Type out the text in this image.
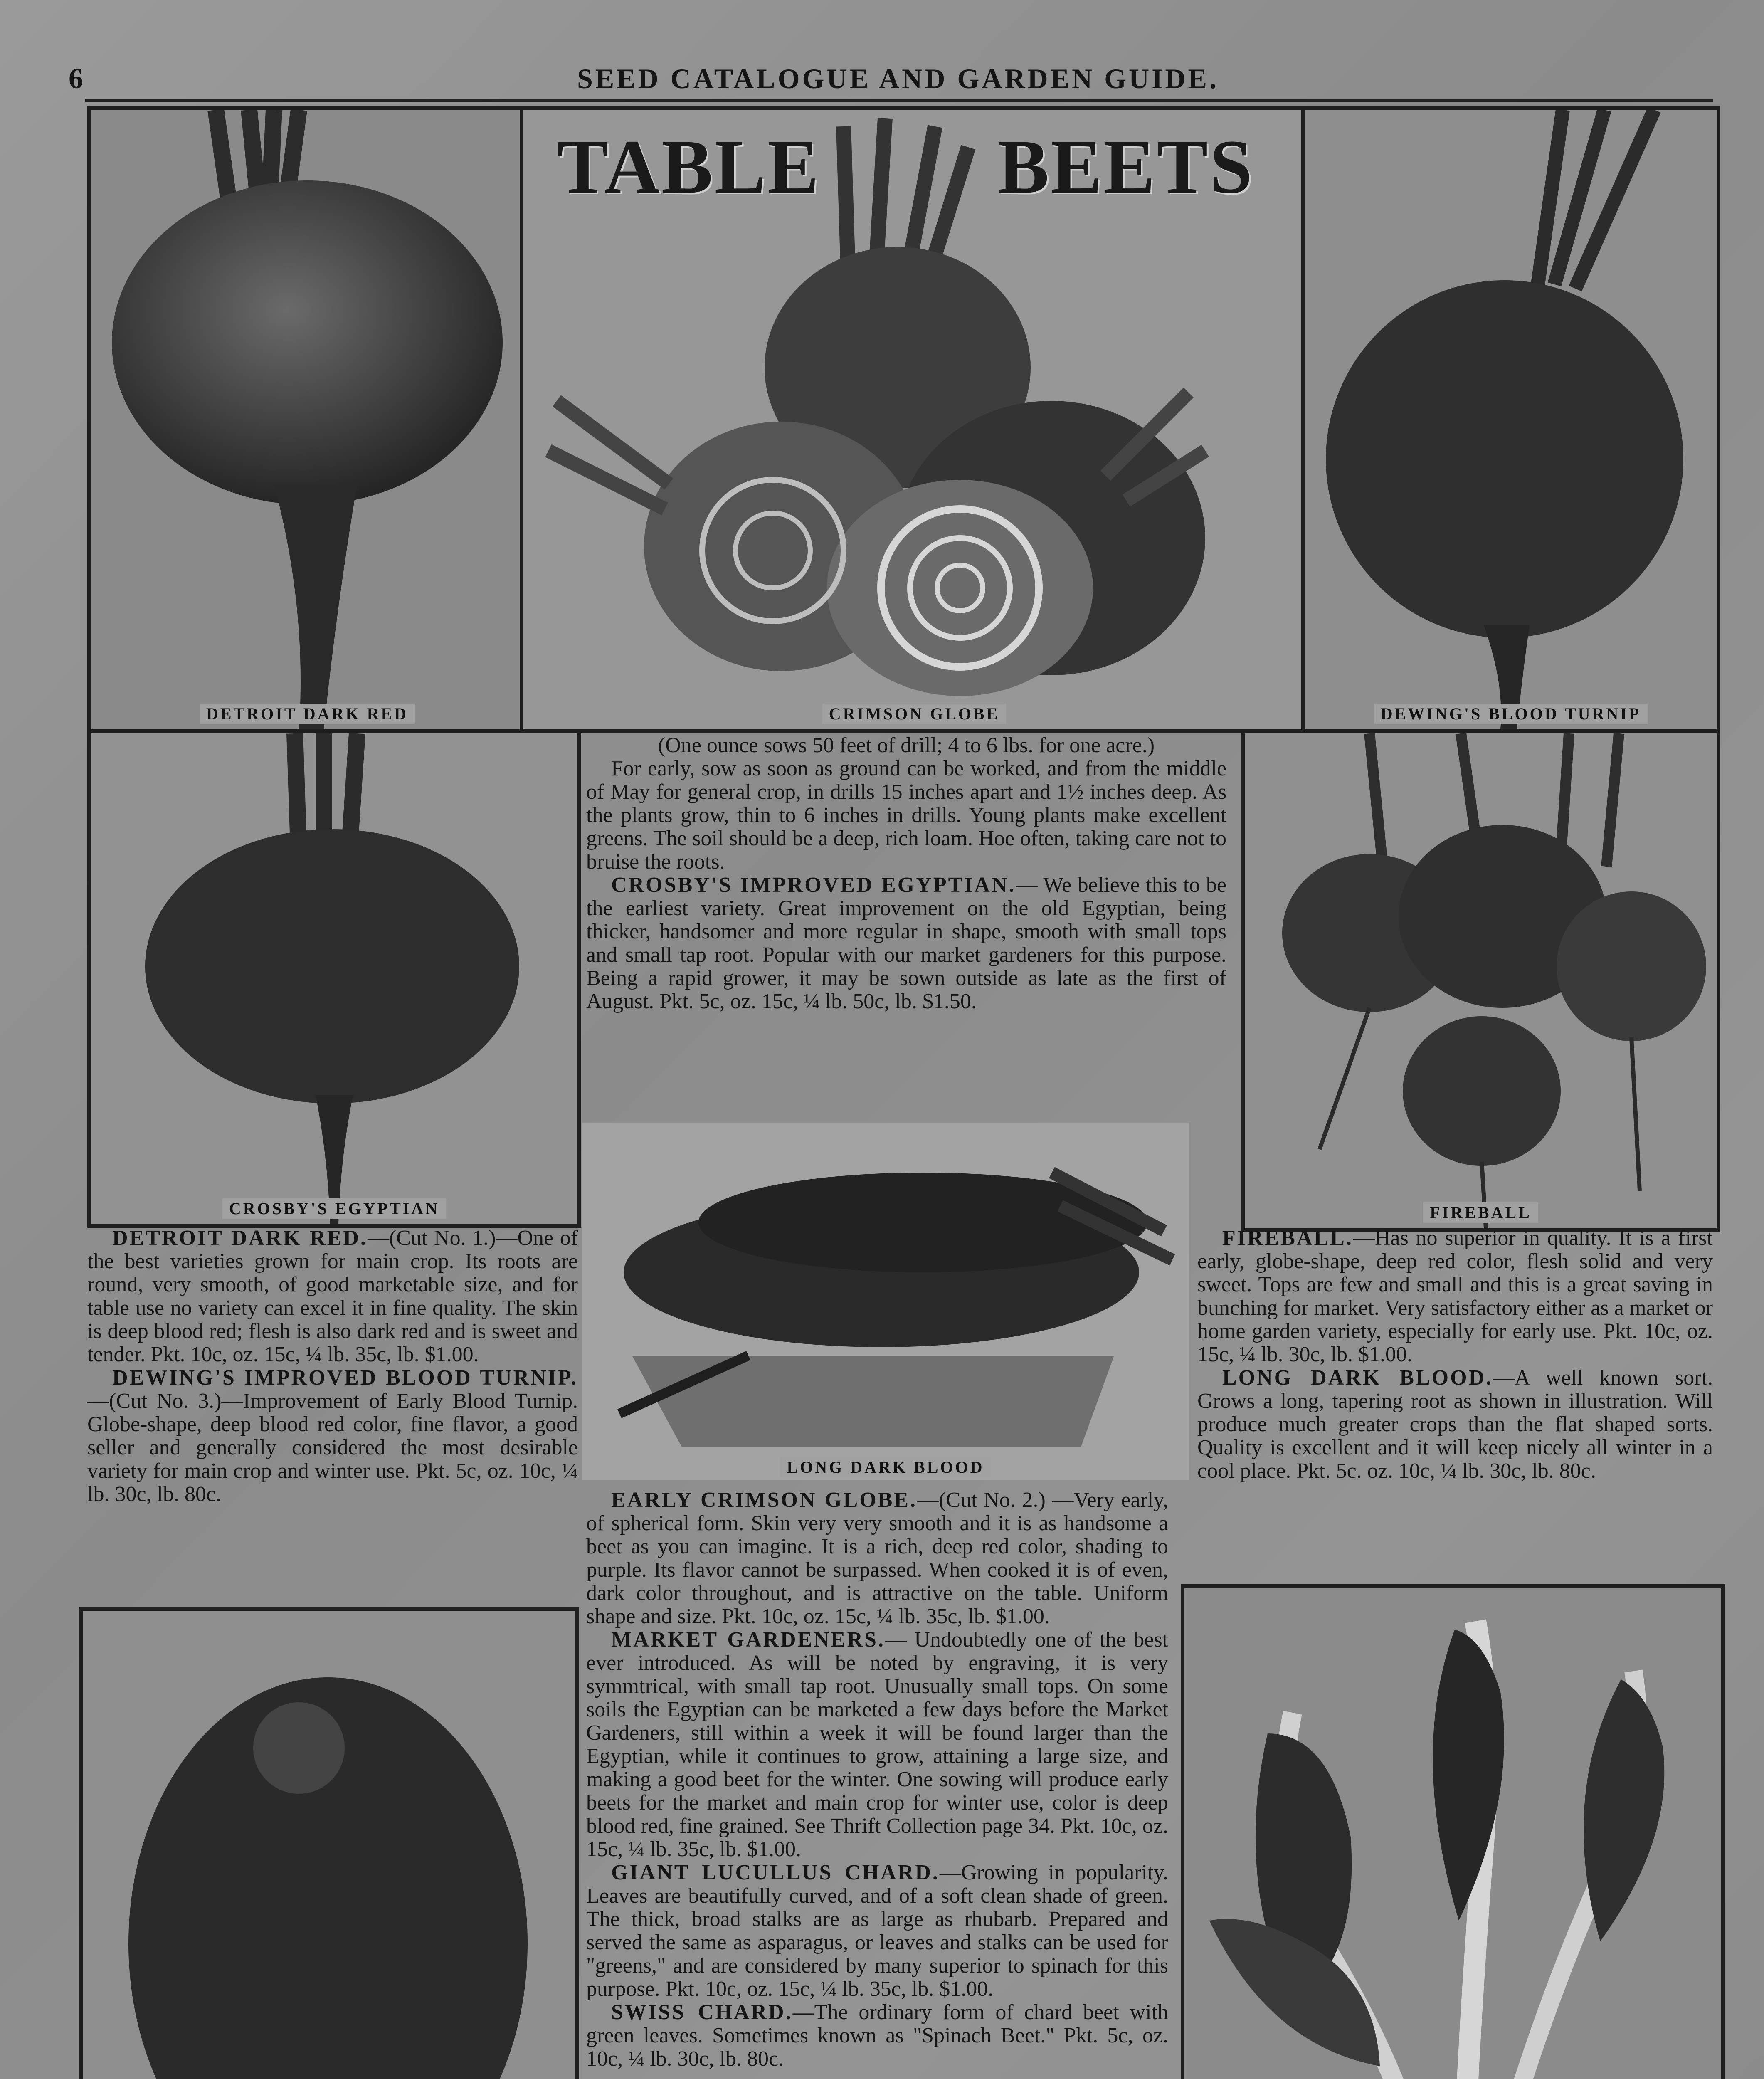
6	SEED CATALOGUE AND GARDEN GUIDE.
DETROIT DARK RED	CRIMSON GLOBE
TABLE BEETS
DEWING'S BLOOD TURNIP
CROSBY'S EGYPTIAN	FIREBALL

(One ounce sows 50 feet of drill; 4 to 6 lbs. for one acre.)

For early, sow as soon as ground can be worked, and from the middle of May for general crop, in drills 15 inches apart and 1½ inches deep. As the plants grow, thin to 6 inches in drills. Young plants make excellent greens. The soil should be a deep, rich loam. Hoe often, taking care not to bruise the roots.

CROSBY'S IMPROVED EGYPTIAN.— We believe this to be the earliest variety. Great improvement on the old Egyptian, being thicker, handsomer and more regular in shape, smooth with small tops and small tap root. Popular with our market gardeners for this purpose. Being a rapid grower, it may be sown outside as late as the first of August. Pkt. 5c, oz. 15c, ¼ lb. 50c, lb. $1.50.

LONG DARK BLOOD

DETROIT DARK RED.—(Cut No. 1.)—One of the best varieties grown for main crop. Its roots are round, very smooth, of good marketable size, and for table use no variety can excel it in fine quality. The skin is deep blood red; flesh is also dark red and is sweet and tender. Pkt. 10c, oz. 15c, ¼ lb. 35c, lb. $1.00.

DEWING'S IMPROVED BLOOD TURNIP.—(Cut No. 3.)—Improvement of Early Blood Turnip. Globe-shape, deep blood red color, fine flavor, a good seller and generally considered the most desirable variety for main crop and winter use. Pkt. 5c, oz. 10c, ¼ lb. 30c, lb. 80c.

FIREBALL.—Has no superior in quality. It is a first early, globe-shape, deep red color, flesh solid and very sweet. Tops are few and small and this is a great saving in bunching for market. Very satisfactory either as a market or home garden variety, especially for early use. Pkt. 10c, oz. 15c, ¼ lb. 30c, lb. $1.00.

LONG DARK BLOOD.—A well known sort. Grows a long, tapering root as shown in illustration. Will produce much greater crops than the flat shaped sorts. Quality is excellent and it will keep nicely all winter in a cool place. Pkt. 5c. oz. 10c, ¼ lb. 30c, lb. 80c.

EARLY CRIMSON GLOBE.—(Cut No. 2.) —Very early, of spherical form. Skin very very smooth and it is as handsome a beet as you can imagine. It is a rich, deep red color, shading to purple. Its flavor cannot be surpassed. When cooked it is of even, dark color throughout, and is attractive on the table. Uniform shape and size. Pkt. 10c, oz. 15c, ¼ lb. 35c, lb. $1.00.

MARKET GARDENERS.— Undoubtedly one of the best ever introduced. As will be noted by engraving, it is very symmtrical, with small tap root. Unusually small tops. On some soils the Egyptian can be marketed a few days before the Market Gardeners, still within a week it will be found larger than the Egyptian, while it continues to grow, attaining a large size, and making a good beet for the winter. One sowing will produce early beets for the market and main crop for winter use, color is deep blood red, fine grained. See Thrift Collection page 34. Pkt. 10c, oz. 15c, ¼ lb. 35c, lb. $1.00.

GIANT LUCULLUS CHARD.—Growing in popularity. Leaves are beautifully curved, and of a soft clean shade of green. The thick, broad stalks are as large as rhubarb. Prepared and served the same as asparagus, or leaves and stalks can be used for "greens," and are considered by many superior to spinach for this purpose. Pkt. 10c, oz. 15c, ¼ lb. 35c, lb. $1.00.

SWISS CHARD.—The ordinary form of chard beet with green leaves. Sometimes known as "Spinach Beet." Pkt. 5c, oz. 10c, ¼ lb. 30c, lb. 80c.
